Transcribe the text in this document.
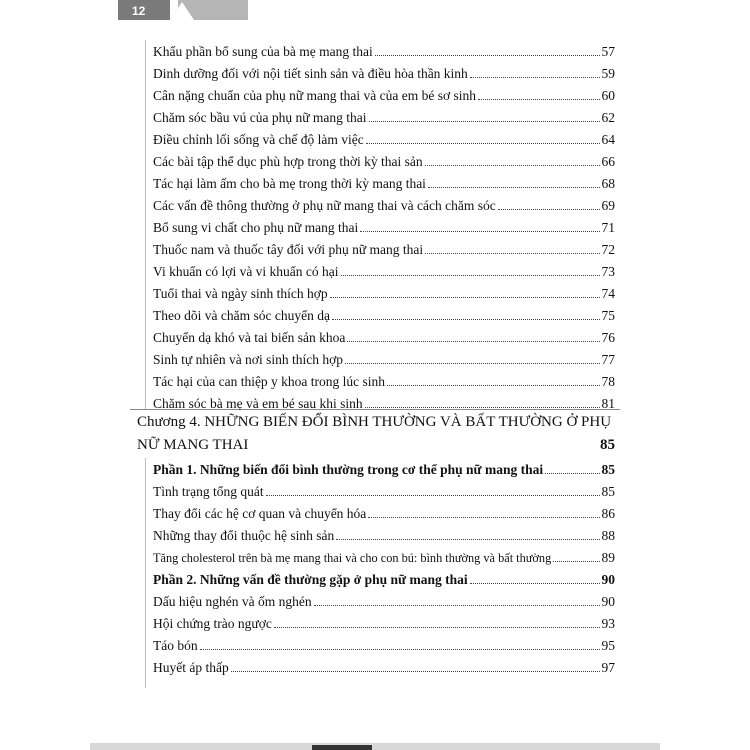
12
Khẩu phần bổ sung của bà mẹ mang thai	57
Dinh dưỡng đối với nội tiết sinh sản và điều hòa thần kinh	59
Cân nặng chuẩn của phụ nữ mang thai và của em bé sơ sinh	60
Chăm sóc bầu vú của phụ nữ mang thai	62
Điều chỉnh lối sống và chế độ làm việc	64
Các bài tập thể dục phù hợp trong thời kỳ thai sản	66
Tác hại làm ấm cho bà mẹ trong thời kỳ mang thai	68
Các vấn đề thông thường ở phụ nữ mang thai và cách chăm sóc	69
Bổ sung vi chất cho phụ nữ mang thai	71
Thuốc nam và thuốc tây đối với phụ nữ mang thai	72
Vi khuẩn có lợi và vi khuẩn có hại	73
Tuổi thai và ngày sinh thích hợp	74
Theo dõi và chăm sóc chuyển dạ	75
Chuyển dạ khó và tai biến sản khoa	76
Sinh tự nhiên và nơi sinh thích hợp	77
Tác hại của can thiệp y khoa trong lúc sinh	78
Chăm sóc bà mẹ và em bé sau khi sinh	81
Chương 4. NHỮNG BIẾN ĐỔI BÌNH THƯỜNG VÀ BẤT THƯỜNG Ở PHỤ
NỮ MANG THAI	85
Phần 1. Những biến đổi bình thường trong cơ thể phụ nữ mang thai	85
Tình trạng tổng quát	85
Thay đổi các hệ cơ quan và chuyển hóa	86
Những thay đổi thuộc hệ sinh sản	88
Tăng cholesterol trên bà mẹ mang thai và cho con bú: bình thường và bất thường	89
Phần 2. Những vấn đề thường gặp ở phụ nữ mang thai	90
Dấu hiệu nghén và ốm nghén	90
Hội chứng trào ngược	93
Táo bón	95
Huyết áp thấp	97
